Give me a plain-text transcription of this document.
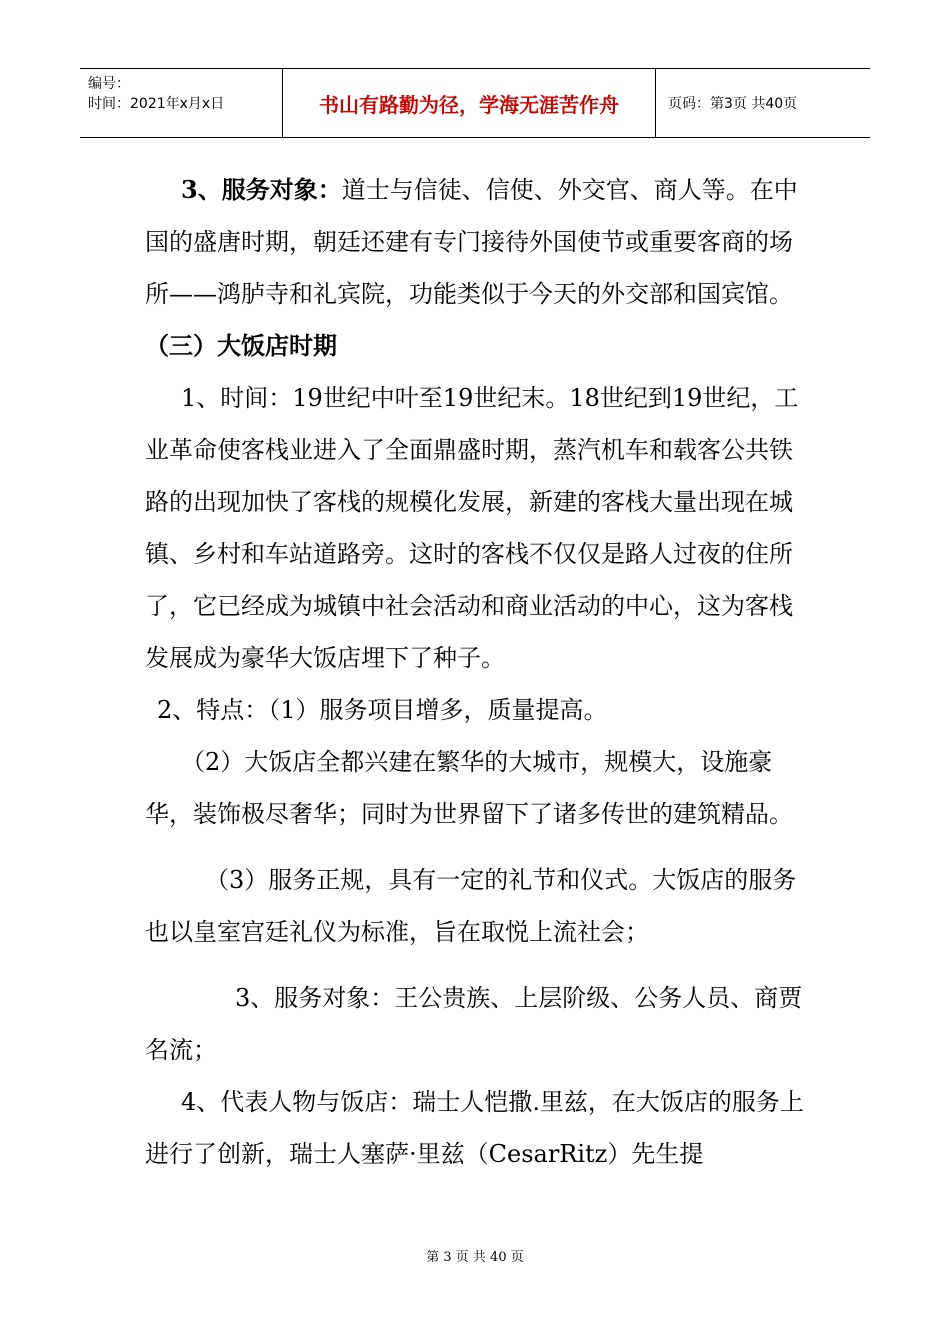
编号：
时间：2021年x月x日	书山有路勤为径，学海无涯苦作舟	页码：第3页 共40页

3、服务对象：道士与信徒、信使、外交官、商人等。在中国的盛唐时期，朝廷还建有专门接待外国使节或重要客商的场所——鸿胪寺和礼宾院，功能类似于今天的外交部和国宾馆。

（三）大饭店时期

1、时间：19世纪中叶至19世纪末。18世纪到19世纪，工业革命使客栈业进入了全面鼎盛时期，蒸汽机车和载客公共铁路的出现加快了客栈的规模化发展，新建的客栈大量出现在城镇、乡村和车站道路旁。这时的客栈不仅仅是路人过夜的住所了，它已经成为城镇中社会活动和商业活动的中心，这为客栈发展成为豪华大饭店埋下了种子。

2、特点：（1）服务项目增多，质量提高。

（2）大饭店全都兴建在繁华的大城市，规模大，设施豪华，装饰极尽奢华；同时为世界留下了诸多传世的建筑精品。

（3）服务正规，具有一定的礼节和仪式。大饭店的服务也以皇室宫廷礼仪为标准，旨在取悦上流社会；

3、服务对象：王公贵族、上层阶级、公务人员、商贾名流；

4、代表人物与饭店：瑞士人恺撒.里兹，在大饭店的服务上进行了创新，瑞士人塞萨·里兹（CesarRitz）先生提

第 3 页 共 40 页
